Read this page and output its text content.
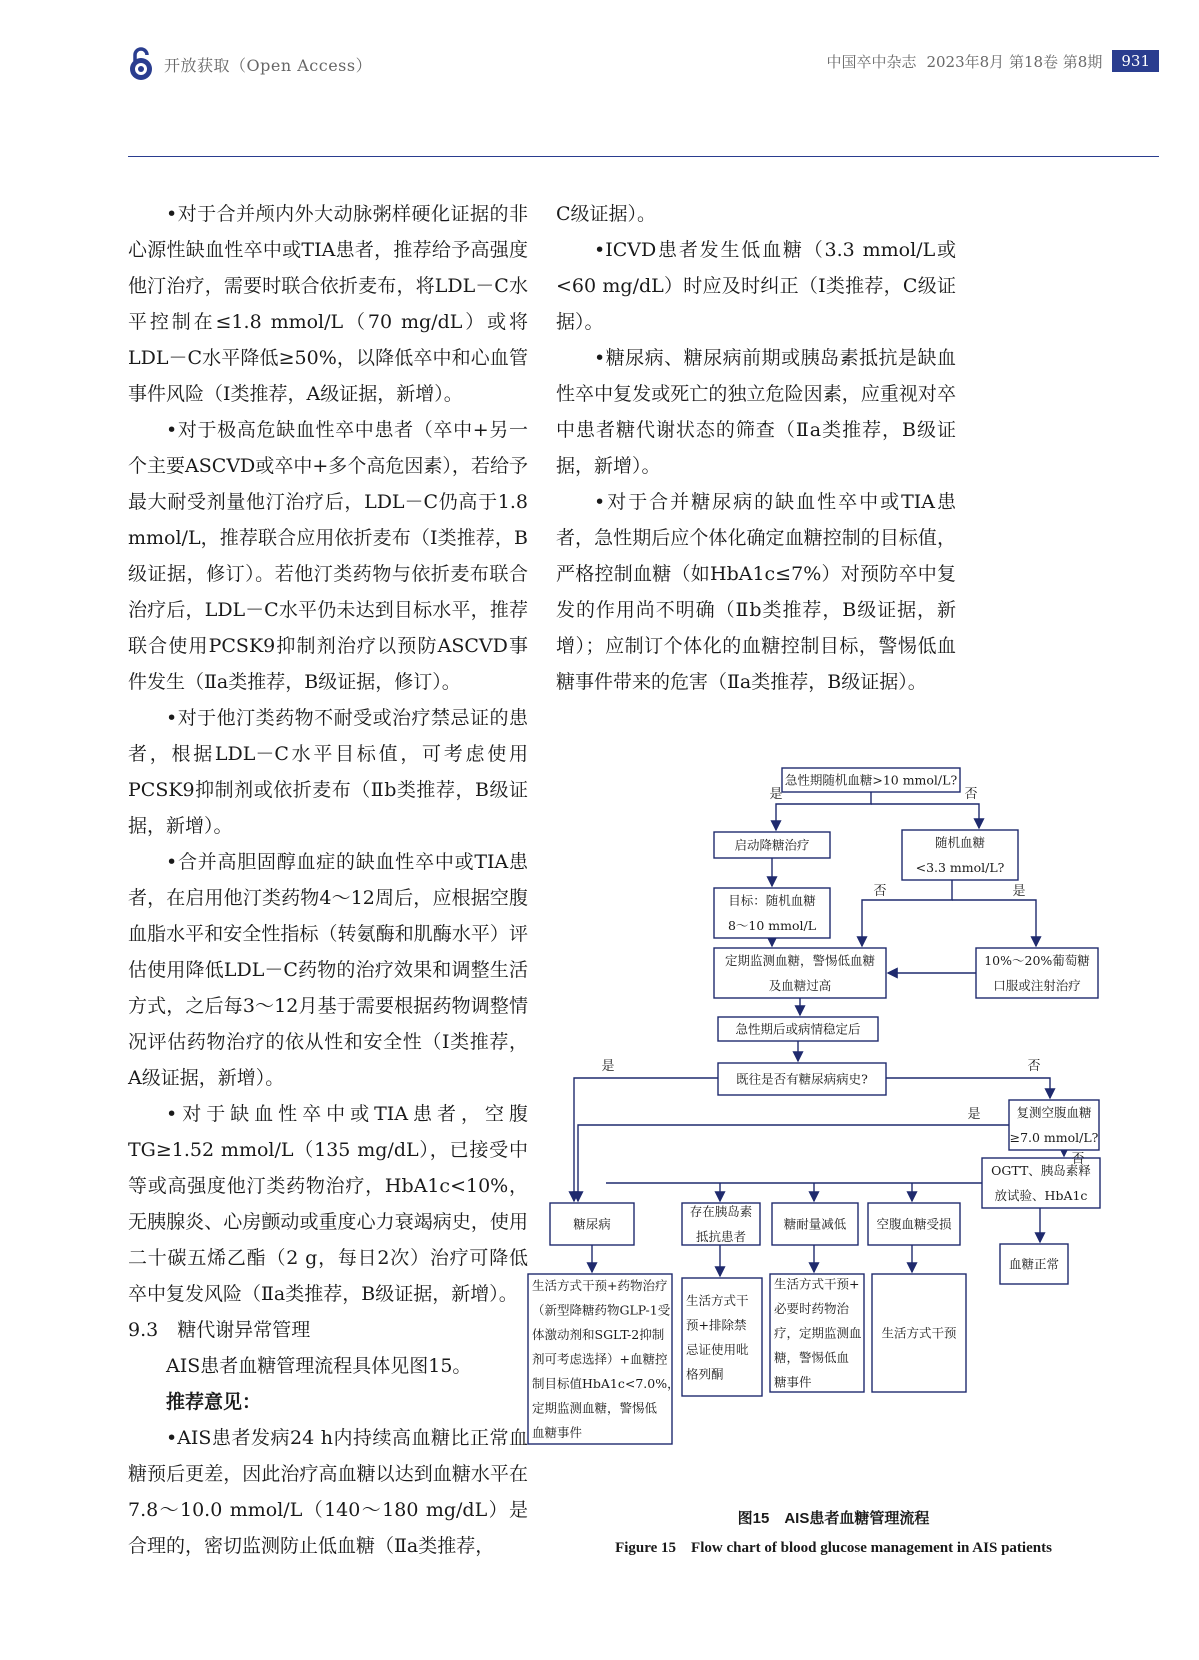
开放获取（Open Access）	中国卒中杂志 2023年8月 第18卷 第8期	931

•对于合并颅内外大动脉粥样硬化证据的非心源性缺血性卒中或TIA患者，推荐给予高强度他汀治疗，需要时联合依折麦布，将LDL－C水平控制在≤1.8 mmol/L（70 mg/dL）或将LDL－C水平降低≥50%，以降低卒中和心血管事件风险（Ⅰ类推荐，A级证据，新增）。

•对于极高危缺血性卒中患者（卒中+另一个主要ASCVD或卒中+多个高危因素），若给予最大耐受剂量他汀治疗后，LDL－C仍高于1.8 mmol/L，推荐联合应用依折麦布（Ⅰ类推荐，B级证据，修订）。若他汀类药物与依折麦布联合治疗后，LDL－C水平仍未达到目标水平，推荐联合使用PCSK9抑制剂治疗以预防ASCVD事件发生（Ⅱa类推荐，B级证据，修订）。

•对于他汀类药物不耐受或治疗禁忌证的患者，根据LDL－C水平目标值，可考虑使用PCSK9抑制剂或依折麦布（Ⅱb类推荐，B级证据，新增）。

•合并高胆固醇血症的缺血性卒中或TIA患者，在启用他汀类药物4～12周后，应根据空腹血脂水平和安全性指标（转氨酶和肌酶水平）评估使用降低LDL－C药物的治疗效果和调整生活方式，之后每3～12月基于需要根据药物调整情况评估药物治疗的依从性和安全性（Ⅰ类推荐，A级证据，新增）。

•对于缺血性卒中或TIA患者，空腹TG≥1.52 mmol/L（135 mg/dL），已接受中等或高强度他汀类药物治疗，HbA1c<10%，无胰腺炎、心房颤动或重度心力衰竭病史，使用二十碳五烯乙酯（2 g，每日2次）治疗可降低卒中复发风险（Ⅱa类推荐，B级证据，新增）。

9.3　糖代谢异常管理

AIS患者血糖管理流程具体见图15。

推荐意见：

•AIS患者发病24 h内持续高血糖比正常血糖预后更差，因此治疗高血糖以达到血糖水平在7.8～10.0 mmol/L（140～180 mg/dL）是合理的，密切监测防止低血糖（Ⅱa类推荐，

C级证据）。

•ICVD患者发生低血糖（3.3 mmol/L或<60 mg/dL）时应及时纠正（Ⅰ类推荐，C级证据）。

•糖尿病、糖尿病前期或胰岛素抵抗是缺血性卒中复发或死亡的独立危险因素，应重视对卒中患者糖代谢状态的筛查（Ⅱa类推荐，B级证据，新增）。

•对于合并糖尿病的缺血性卒中或TIA患者，急性期后应个体化确定血糖控制的目标值，严格控制血糖（如HbA1c≤7%）对预防卒中复发的作用尚不明确（Ⅱb类推荐，B级证据，新增）；应制订个体化的血糖控制目标，警惕低血糖事件带来的危害（Ⅱa类推荐，B级证据）。

急性期随机血糖>10 mmol/L?
启动降糖治疗	随机血糖
<3.3 mmol/L?
目标：随机血糖
8～10 mmol/L
定期监测血糖，警惕低血糖
及血糖过高
10%～20%葡萄糖
口服或注射治疗
急性期后或病情稳定后
既往是否有糖尿病病史?
复测空腹血糖
≥7.0 mmol/L?
OGTT、胰岛素释
放试验、HbA1c
糖尿病
存在胰岛素
抵抗患者
糖耐量减低 空腹血糖受损
血糖正常
生活方式干预+药物治疗
（新型降糖药物GLP-1受
体激动剂和SGLT-2抑制
剂可考虑选择）+血糖控
制目标值HbA1c<7.0%，
定期监测血糖，警惕低
血糖事件
生活方式干
预+排除禁
忌证使用吡
格列酮
生活方式干预+
必要时药物治
疗，定期监测血
糖，警惕低血
糖事件
生活方式干预
是	否
否	是
是	否
是
否
图15　AIS患者血糖管理流程
Figure 15　Flow chart of blood glucose management in AIS patients
